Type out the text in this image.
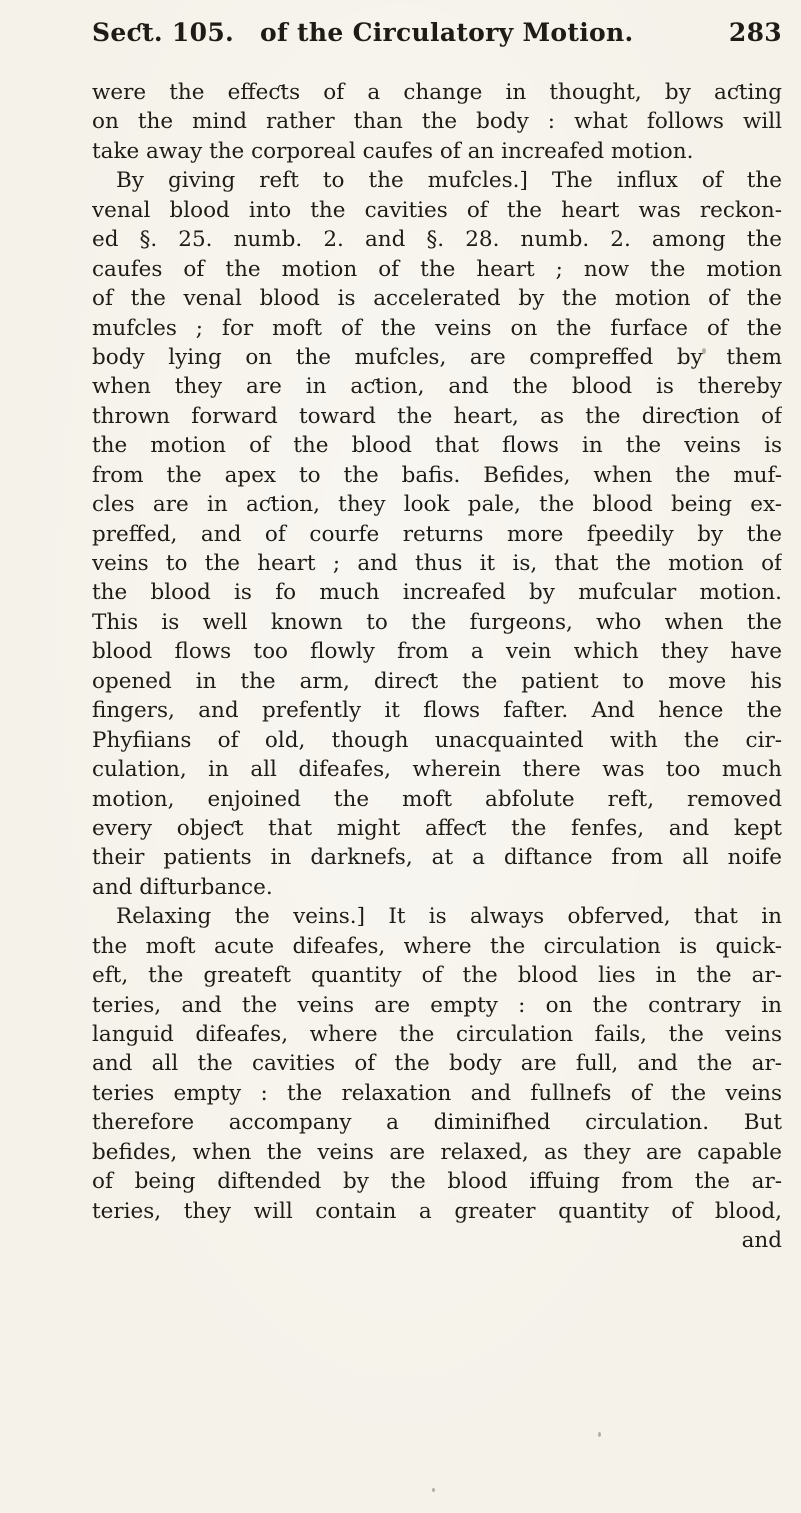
Seƈt. 105. of the Circulatory Motion.	283
were the effeƈts of a change in thought, by aƈting
on the mind rather than the body : what follows will
take away the corporeal caufes of an increafed motion.
By giving reft to the mufcles.] The influx of the
venal blood into the cavities of the heart was reckon-
ed §. 25. numb. 2. and §. 28. numb. 2. among the
caufes of the motion of the heart ; now the motion
of the venal blood is accelerated by the motion of the
mufcles ; for moft of the veins on the furface of the
body lying on the mufcles, are compreffed by them
when they are in aƈtion, and the blood is thereby
thrown forward toward the heart, as the direƈtion of
the motion of the blood that flows in the veins is
from the apex to the bafis. Befides, when the muf-
cles are in aƈtion, they look pale, the blood being ex-
preffed, and of courfe returns more fpeedily by the
veins to the heart ; and thus it is, that the motion of
the blood is fo much increafed by mufcular motion.
This is well known to the furgeons, who when the
blood flows too flowly from a vein which they have
opened in the arm, direƈt the patient to move his
fingers, and prefently it flows fafter. And hence the
Phyfiians of old, though unacquainted with the cir-
culation, in all difeafes, wherein there was too much
motion, enjoined the moft abfolute reft, removed
every objeƈt that might affeƈt the fenfes, and kept
their patients in darknefs, at a diftance from all noife
and difturbance.
Relaxing the veins.] It is always obferved, that in
the moft acute difeafes, where the circulation is quick-
eft, the greateft quantity of the blood lies in the ar-
teries, and the veins are empty : on the contrary in
languid difeafes, where the circulation fails, the veins
and all the cavities of the body are full, and the ar-
teries empty : the relaxation and fullnefs of the veins
therefore accompany a diminifhed circulation. But
befides, when the veins are relaxed, as they are capable
of being diftended by the blood iffuing from the ar-
teries, they will contain a greater quantity of blood,
and
